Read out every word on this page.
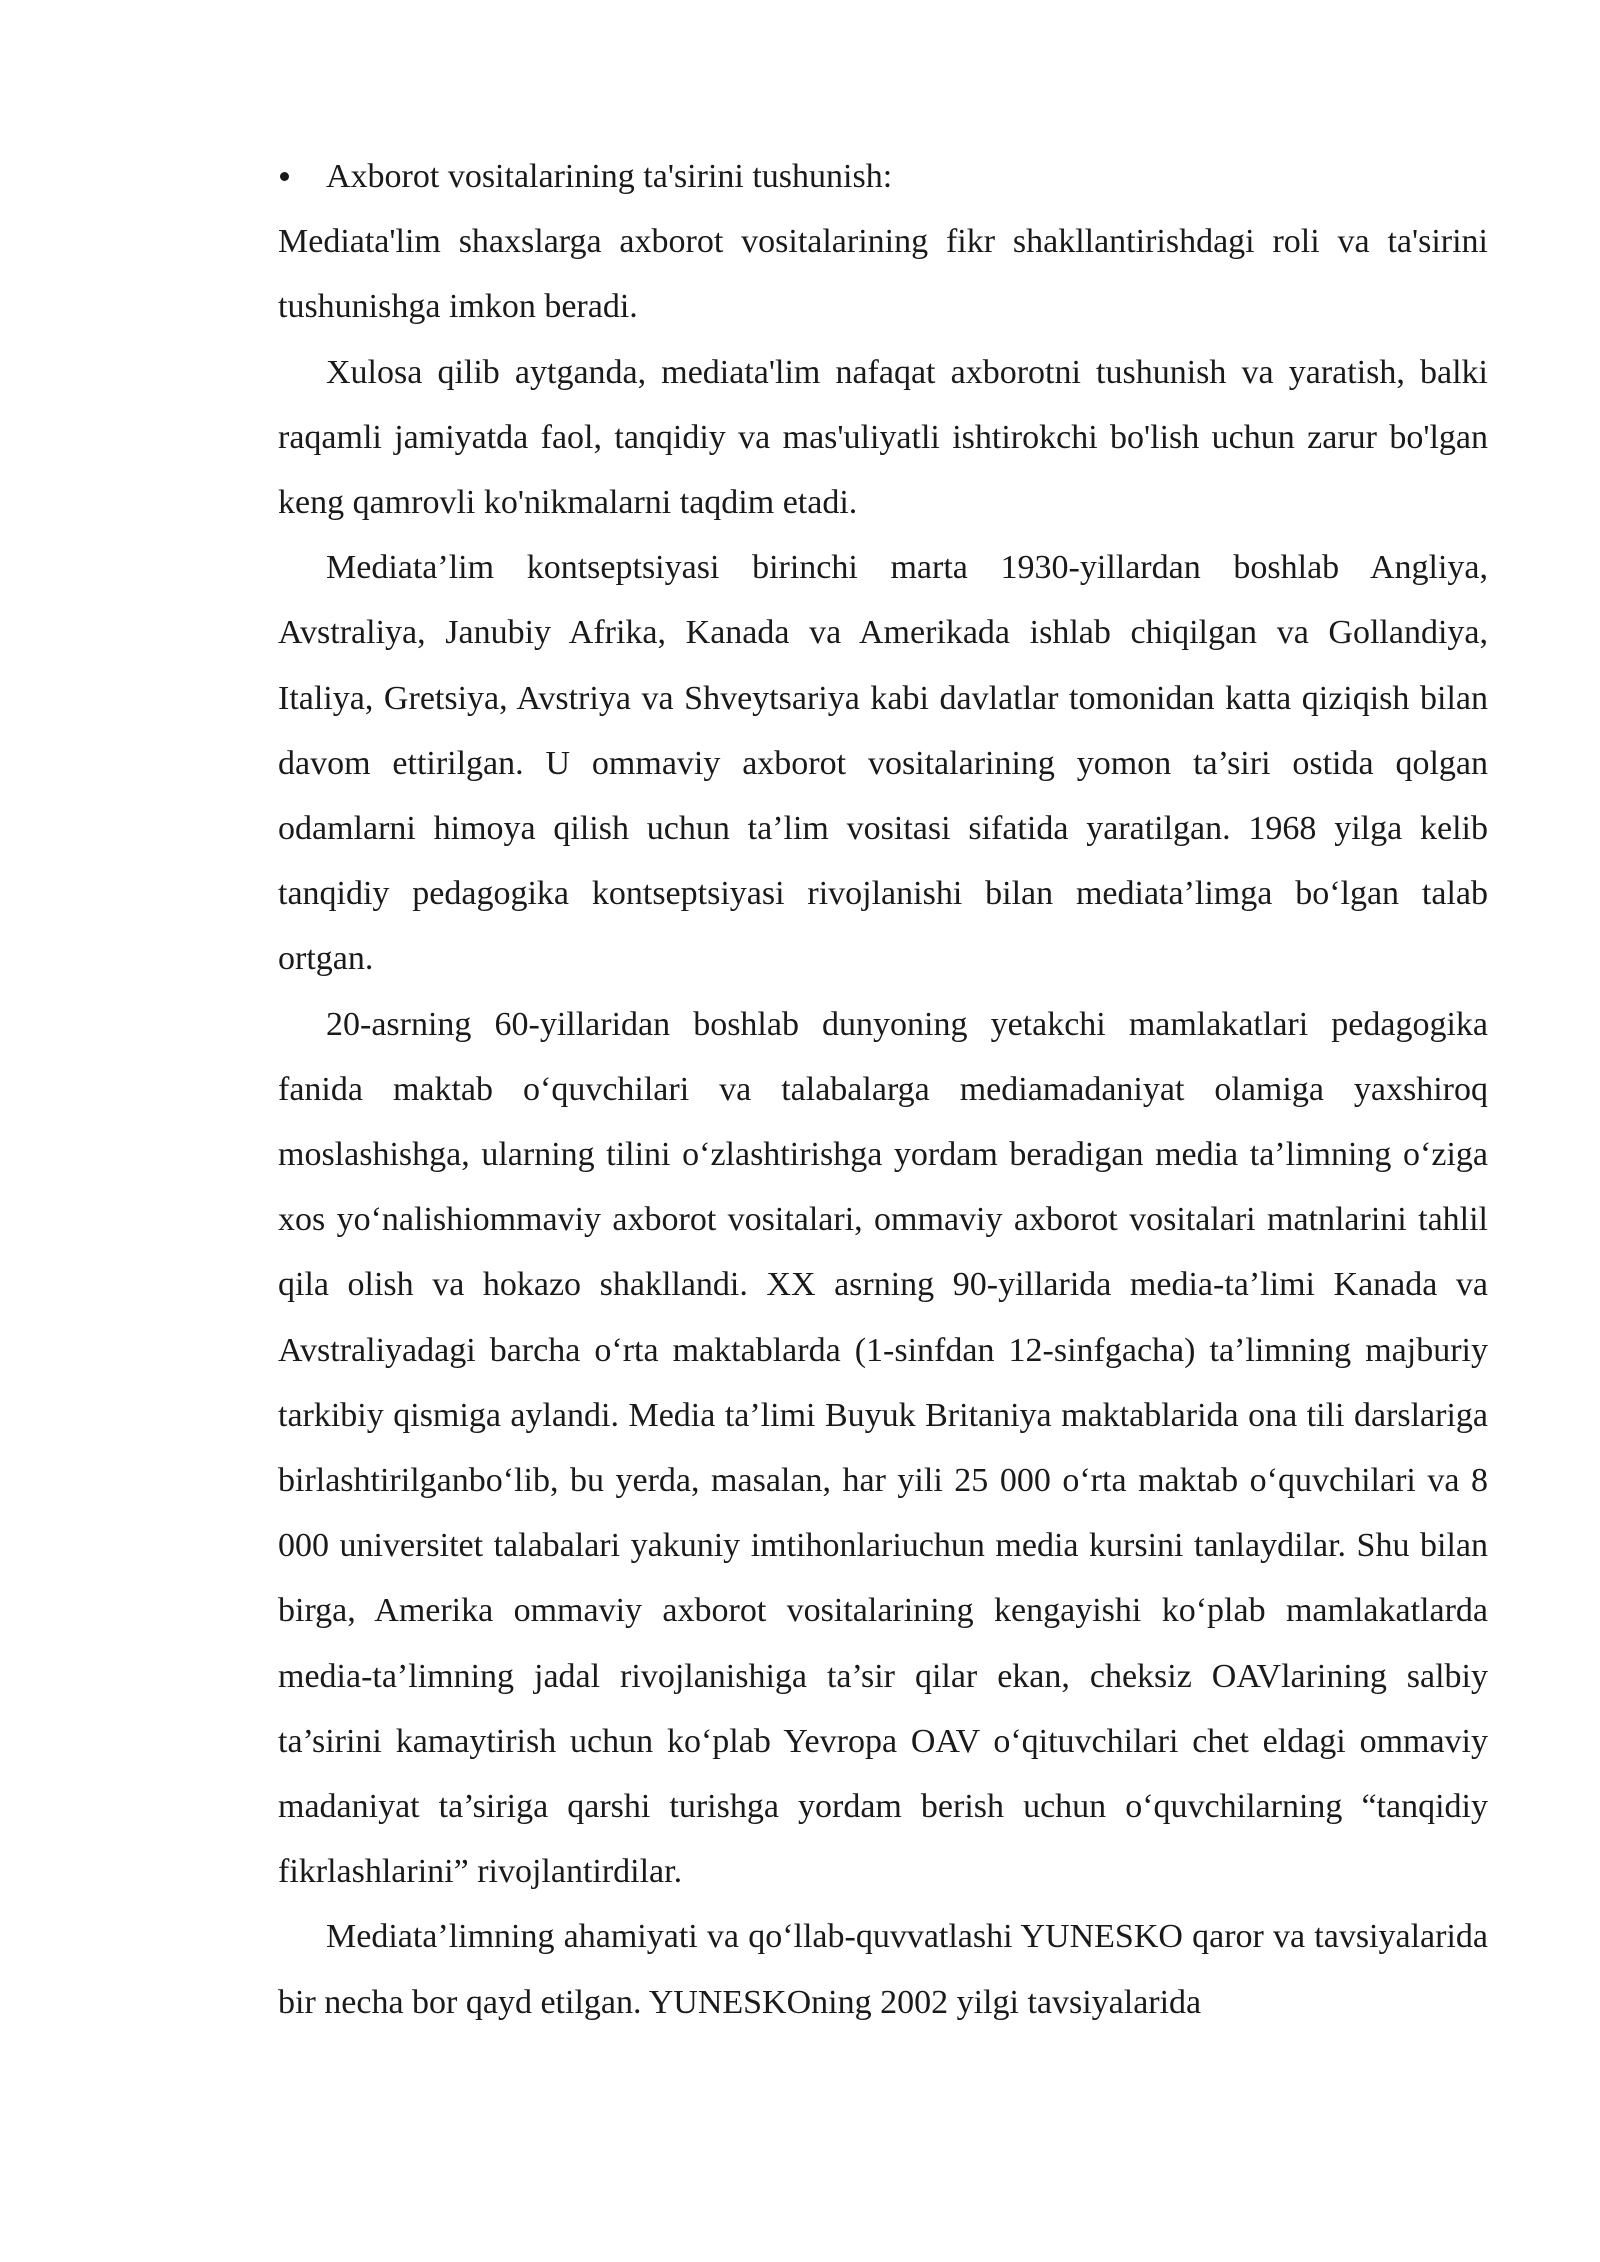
Axborot vositalarining ta'sirini tushunish:

Mediata'lim shaxslarga axborot vositalarining fikr shakllantirishdagi roli va ta'sirini tushunishga imkon beradi.

Xulosa qilib aytganda, mediata'lim nafaqat axborotni tushunish va yaratish, balki raqamli jamiyatda faol, tanqidiy va mas'uliyatli ishtirokchi bo'lish uchun zarur bo'lgan keng qamrovli ko'nikmalarni taqdim etadi.

Mediata’lim kontseptsiyasi birinchi marta 1930-yillardan boshlab Angliya, Avstraliya, Janubiy Afrika, Kanada va Amerikada ishlab chiqilgan va Gollandiya, Italiya, Gretsiya, Avstriya va Shveytsariya kabi davlatlar tomonidan katta qiziqish bilan davom ettirilgan. U ommaviy axborot vositalarining yomon ta’siri ostida qolgan odamlarni himoya qilish uchun ta’lim vositasi sifatida yaratilgan. 1968 yilga kelib tanqidiy pedagogika kontseptsiyasi rivojlanishi bilan mediata’limga bo‘lgan talab ortgan.

20-asrning 60-yillaridan boshlab dunyoning yetakchi mamlakatlari pedagogika fanida maktab o‘quvchilari va talabalarga mediamadaniyat olamiga yaxshiroq moslashishga, ularning tilini o‘zlashtirishga yordam beradigan media ta’limning o‘ziga xos yo‘nalishiommaviy axborot vositalari, ommaviy axborot vositalari matnlarini tahlil qila olish va hokazo shakllandi. XX asrning 90-yillarida media-ta’limi Kanada va Avstraliyadagi barcha o‘rta maktablarda (1-sinfdan 12-sinfgacha) ta’limning majburiy tarkibiy qismiga aylandi. Media ta’limi Buyuk Britaniya maktablarida ona tili darslariga birlashtirilganbo‘lib, bu yerda, masalan, har yili 25 000 o‘rta maktab o‘quvchilari va 8 000 universitet talabalari yakuniy imtihonlariuchun media kursini tanlaydilar. Shu bilan birga, Amerika ommaviy axborot vositalarining kengayishi ko‘plab mamlakatlarda media-ta’limning jadal rivojlanishiga ta’sir qilar ekan, cheksiz OAVlarining salbiy ta’sirini kamaytirish uchun ko‘plab Yevropa OAV o‘qituvchilari chet eldagi ommaviy madaniyat ta’siriga qarshi turishga yordam berish uchun o‘quvchilarning “tanqidiy fikrlashlarini” rivojlantirdilar.

Mediata’limning ahamiyati va qo‘llab-quvvatlashi YUNESKO qaror va tavsiyalarida bir necha bor qayd etilgan. YUNESKOning 2002 yilgi tavsiyalarida
